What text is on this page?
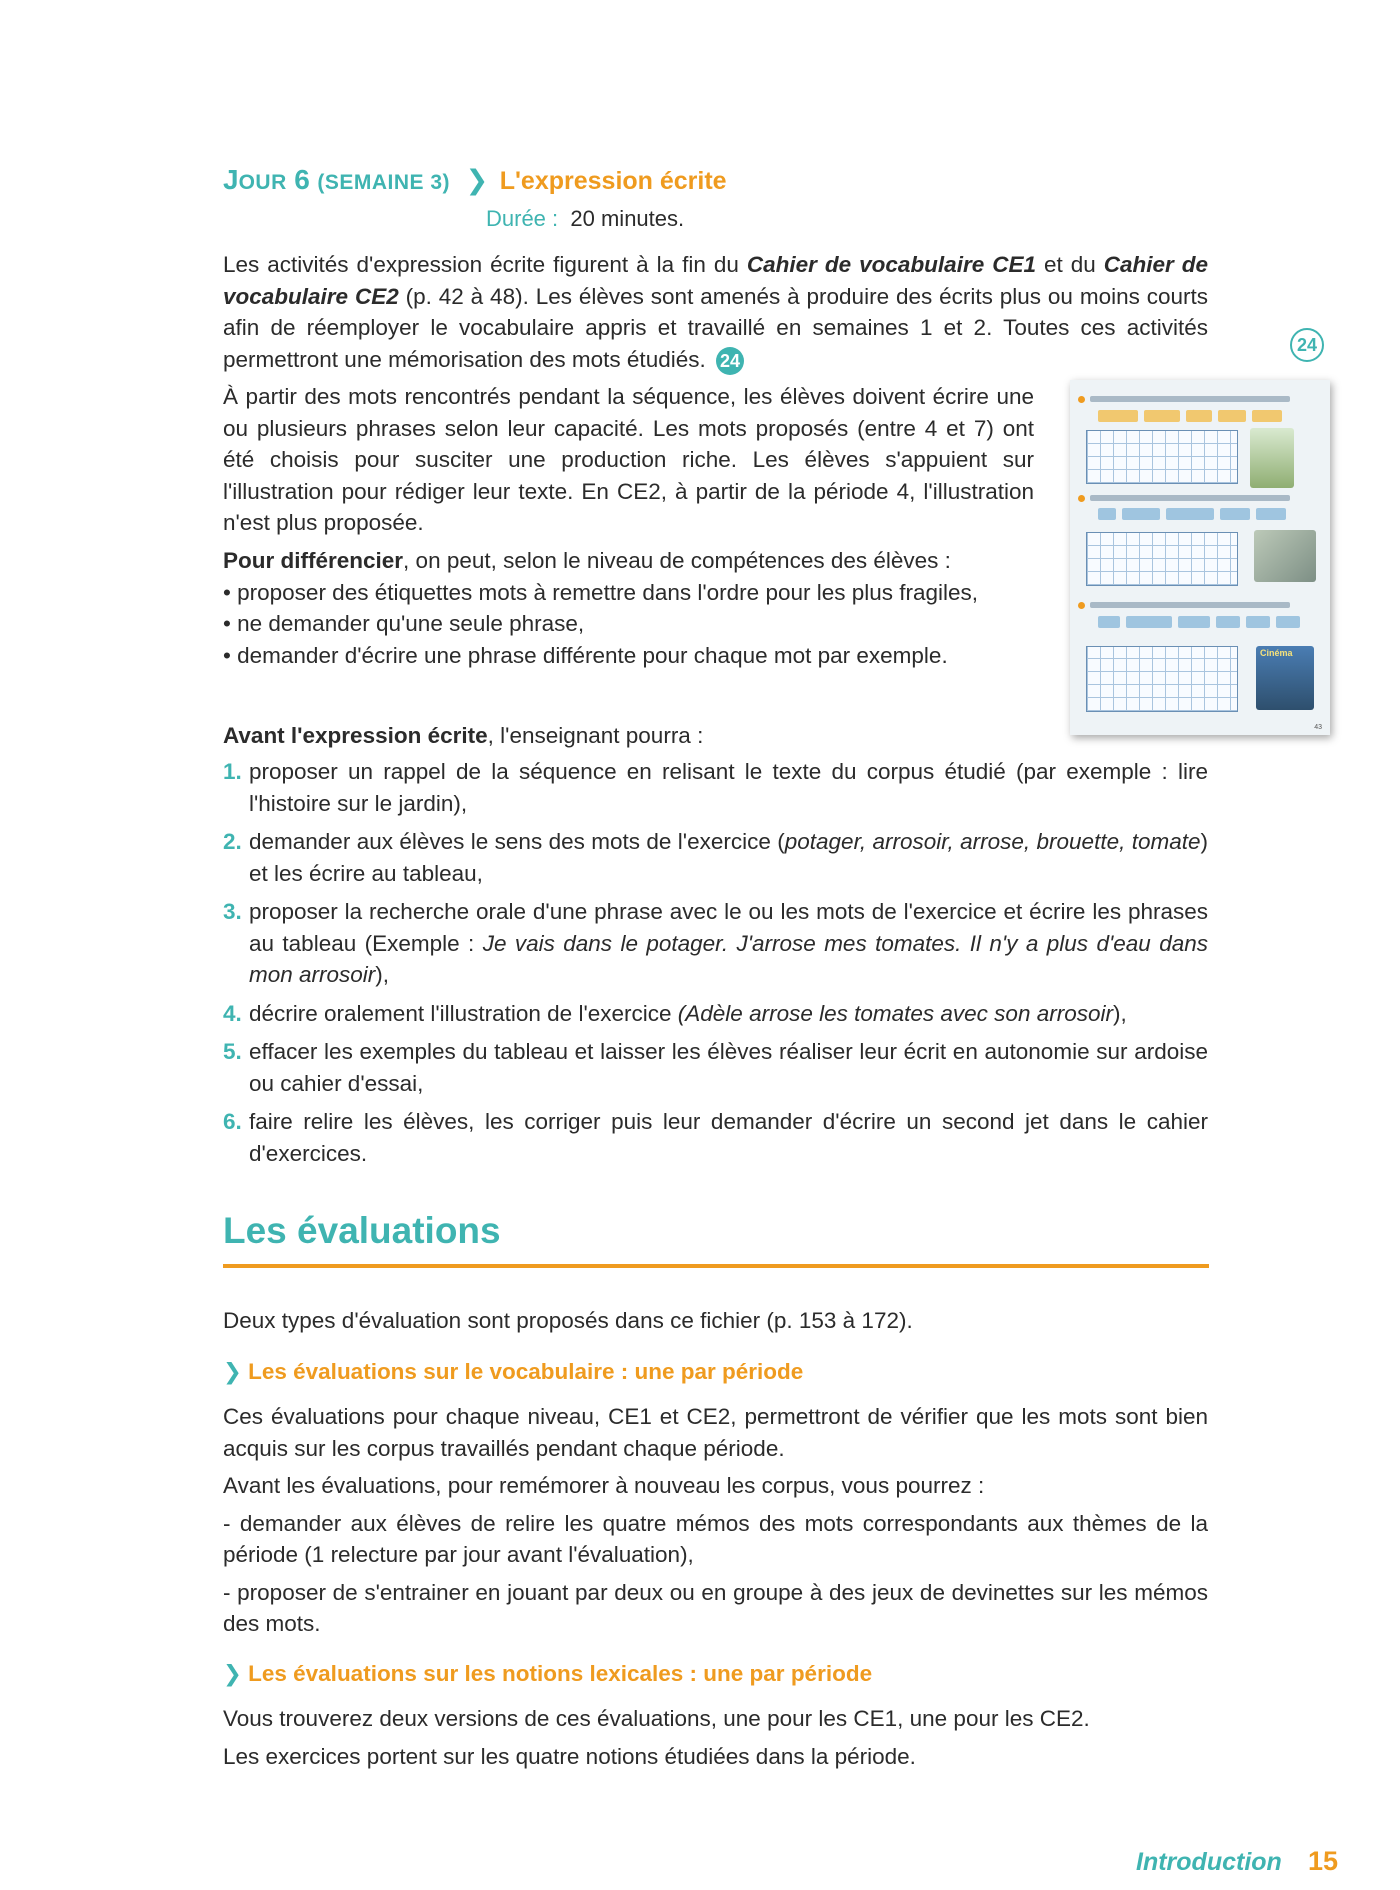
JOUR 6 (SEMAINE 3) ❯ L'expression écrite
Durée : 20 minutes.

Les activités d'expression écrite figurent à la fin du Cahier de vocabulaire CE1 et du Cahier de vocabulaire CE2 (p. 42 à 48). Les élèves sont amenés à produire des écrits plus ou moins courts afin de réemployer le vocabulaire appris et travaillé en semaines 1 et 2. Toutes ces activités permettront une mémorisation des mots étudiés. 24

24

À partir des mots rencontrés pendant la séquence, les élèves doivent écrire une ou plusieurs phrases selon leur capacité. Les mots proposés (entre 4 et 7) ont été choisis pour susciter une production riche. Les élèves s'appuient sur l'illustration pour rédiger leur texte. En CE2, à partir de la période 4, l'illustration n'est plus proposée.

Pour différencier, on peut, selon le niveau de compétences des élèves :
• proposer des étiquettes mots à remettre dans l'ordre pour les plus fragiles,
• ne demander qu'une seule phrase,
• demander d'écrire une phrase différente pour chaque mot par exemple.
Avant l'expression écrite, l'enseignant pourra :
Cinéma
43
1. proposer un rappel de la séquence en relisant le texte du corpus étudié (par exemple : lire l'histoire sur le jardin),
2. demander aux élèves le sens des mots de l'exercice (potager, arrosoir, arrose, brouette, tomate) et les écrire au tableau,
3. proposer la recherche orale d'une phrase avec le ou les mots de l'exercice et écrire les phrases au tableau (Exemple : Je vais dans le potager. J'arrose mes tomates. Il n'y a plus d'eau dans mon arrosoir),
4. décrire oralement l'illustration de l'exercice (Adèle arrose les tomates avec son arrosoir),
5. effacer les exemples du tableau et laisser les élèves réaliser leur écrit en autonomie sur ardoise ou cahier d'essai,
6. faire relire les élèves, les corriger puis leur demander d'écrire un second jet dans le cahier d'exercices.
Les évaluations

Deux types d'évaluation sont proposés dans ce fichier (p. 153 à 172).

❯ Les évaluations sur le vocabulaire : une par période

Ces évaluations pour chaque niveau, CE1 et CE2, permettront de vérifier que les mots sont bien acquis sur les corpus travaillés pendant chaque période.

Avant les évaluations, pour remémorer à nouveau les corpus, vous pourrez :

- demander aux élèves de relire les quatre mémos des mots correspondants aux thèmes de la période (1 relecture par jour avant l'évaluation),

- proposer de s'entrainer en jouant par deux ou en groupe à des jeux de devinettes sur les mémos des mots.

❯ Les évaluations sur les notions lexicales : une par période

Vous trouverez deux versions de ces évaluations, une pour les CE1, une pour les CE2.

Les exercices portent sur les quatre notions étudiées dans la période.

Introduction 15
